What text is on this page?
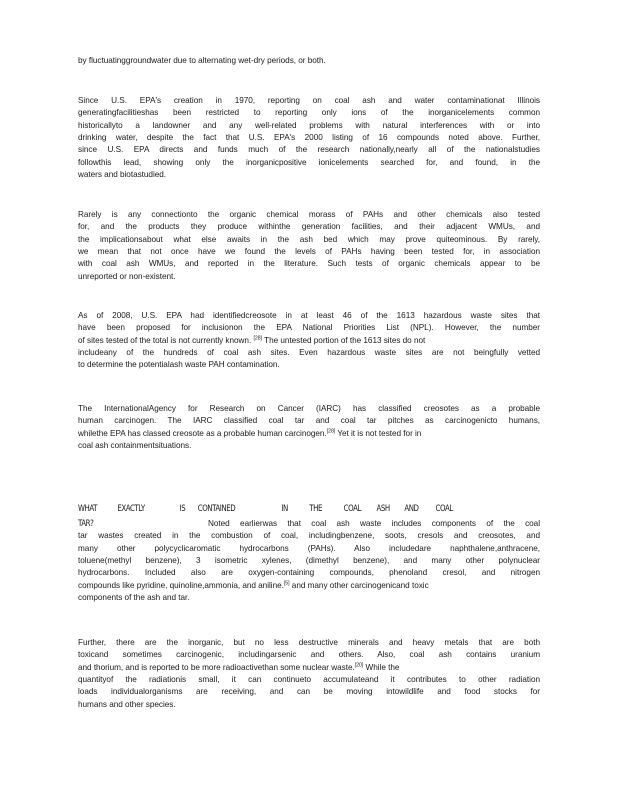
by fluctuatinggroundwater due to alternating wet-dry periods, or both.
Since U.S. EPA's creation in 1970, reporting on coal ash and water contaminationat Illinois
generatingfacilitieshas been restricted to reporting only ions of the inorganicelements common
historicallyto a landowner and any well-related problems with natural interferences with or into
drinking water, despite the fact that U.S. EPA's 2000 listing of 16 compounds noted above. Further,
since U.S. EPA directs and funds much of the research nationally,nearly all of the nationalstudies
followthis lead, showing only the inorganicpositive ionicelements searched for, and found, in the
waters and biotastudied.
Rarely is any connectionto the organic chemical morass of PAHs and other chemicals also tested
for, and the products they produce withinthe generation facilities, and their adjacent WMUs, and
the implicationsabout what else awaits in the ash bed which may prove quiteominous. By rarely,
we mean that not once have we found the levels of PAHs having been tested for, in association
with coal ash WMUs, and reported in the literature. Such tests of organic chemicals appear to be
unreported or non-existent.
As of 2008, U.S. EPA had identifiedcreosote in at least 46 of the 1613 hazardous waste sites that
have been proposed for inclusionon the EPA National Priorities List (NPL). However, the number
of sites tested of the total is not currently known. [28] The untested portion of the 1613 sites do not
includeany of the hundreds of coal ash sites. Even hazardous waste sites are not beingfully vetted
to determine the potentialash waste PAH contamination.
The InternationalAgency for Research on Cancer (IARC) has classified creosotes as a probable
human carcinogen. The IARC classified coal tar and coal tar pitches as carcinogenicto humans,
whilethe EPA has classed creosote as a probable human carcinogen.[28] Yet it is not tested for in
coal ash containmentsituations.
WHAT EXACTLY	IS CONTAINED	IN THE	COAL ASH AND COAL
TAR?	Noted earlierwas that coal ash waste includes components of the coal
tar wastes created in the combustion of coal, includingbenzene, soots, cresols and creosotes, and
many other polycyclicaromatic hydrocarbons (PAHs). Also includedare naphthalene,anthracene,
toluene(methyl benzene), 3 isometric xylenes, (dimethyl benzene), and many other polynuclear
hydrocarbons. Included also are oxygen-containing compounds, phenoland cresol, and nitrogen
compounds like pyridine, quinoline,ammonia, and aniline.[5] and many other carcinogenicand toxic
components of the ash and tar.
Further, there are the inorganic, but no less destructive minerals and heavy metals that are both
toxicand sometimes carcinogenic, includingarsenic and others. Also, coal ash contains uranium
and thorium, and is reported to be more radioactivethan some nuclear waste.[20] While the
quantityof the radiationis small, it can continueto accumulateand it contributes to other radiation
loads individualorganisms are receiving, and can be moving intowildlife and food stocks for
humans and other species.
